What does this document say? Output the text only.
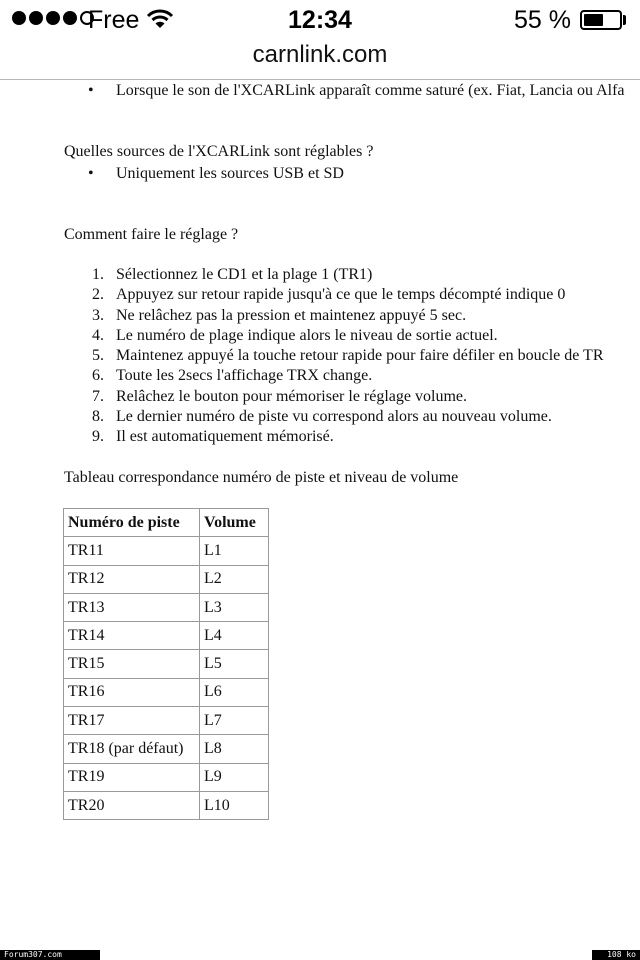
Free	12:34	55 %
carnlink.com
• Lorsque le son de l'XCARLink apparaît comme saturé (ex. Fiat, Lancia ou Alfa
Quelles sources de l'XCARLink sont réglables ?
• Uniquement les sources USB et SD
Comment faire le réglage ?
1. Sélectionnez le CD1 et la plage 1 (TR1)
2. Appuyez sur retour rapide jusqu'à ce que le temps décompté indique 0
3. Ne relâchez pas la pression et maintenez appuyé 5 sec.
4. Le numéro de plage indique alors le niveau de sortie actuel.
5. Maintenez appuyé la touche retour rapide pour faire défiler en boucle de TR
6. Toute les 2secs l'affichage TRX change.
7. Relâchez le bouton pour mémoriser le réglage volume.
8. Le dernier numéro de piste vu correspond alors au nouveau volume.
9. Il est automatiquement mémorisé.
Tableau correspondance numéro de piste et niveau de volume
Numéro de piste	Volume
TR11	L1
TR12	L2
TR13	L3
TR14	L4
TR15	L5
TR16	L6
TR17	L7
TR18 (par défaut)	L8
TR19	L9
TR20	L10
Forum307.com	108 ko
